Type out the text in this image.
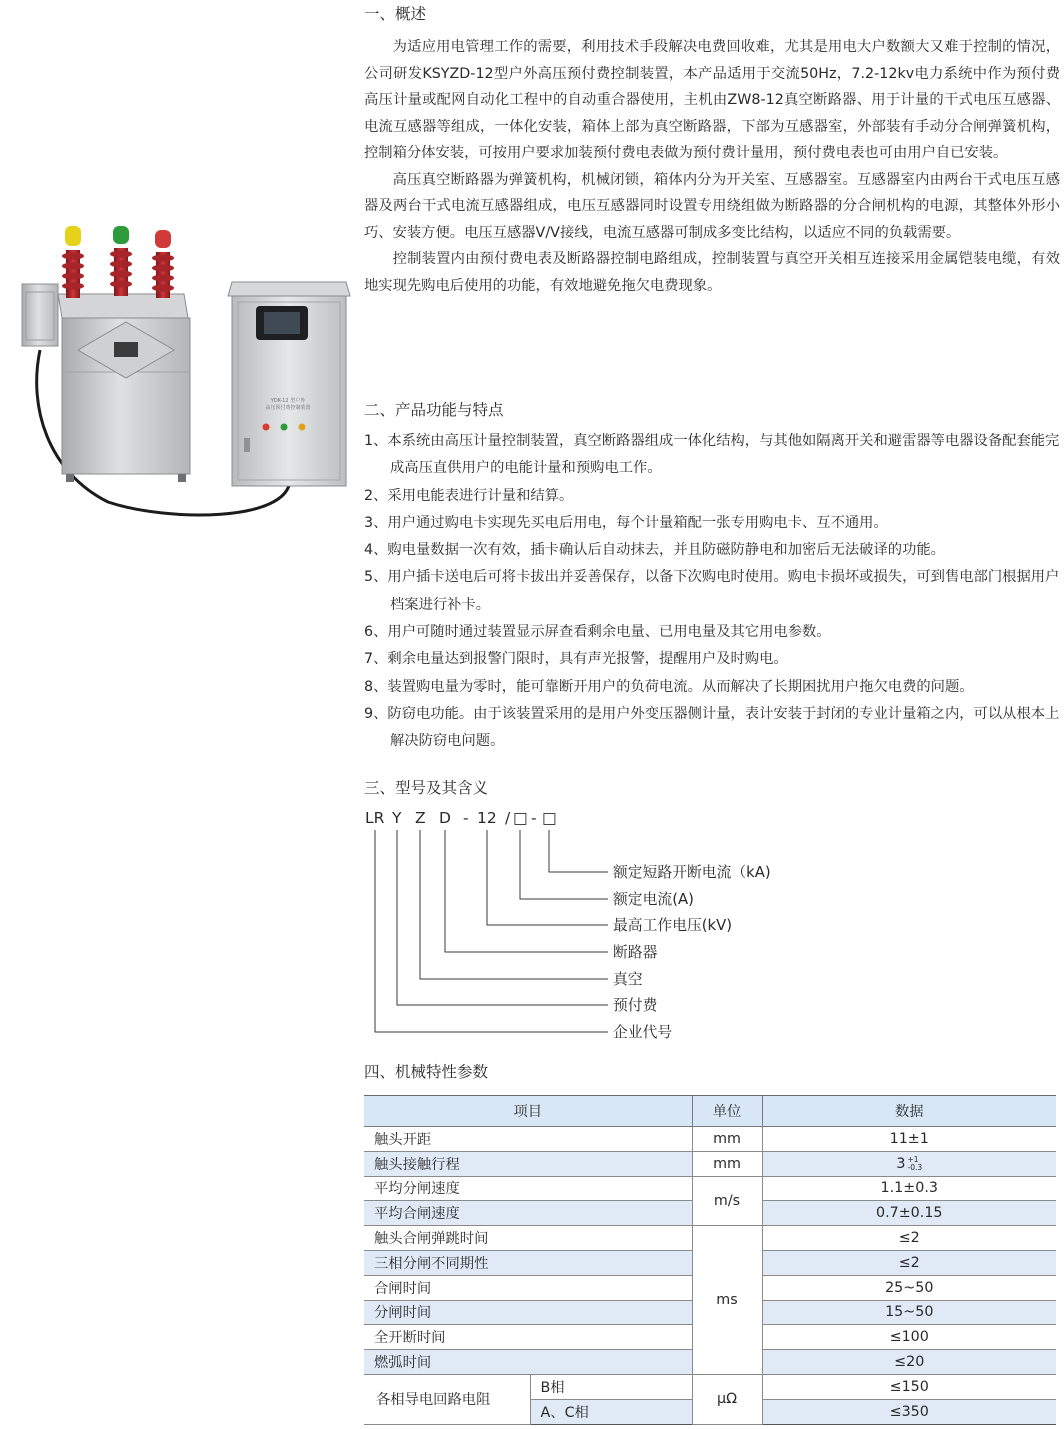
YDK-12 型户外
高压预付费控制装置
一、概述

为适应用电管理工作的需要，利用技术手段解决电费回收难，尤其是用电大户数额大又难于控制的情况，公司研发KSYZD-12型户外高压预付费控制装置，本产品适用于交流50Hz，7.2-12kv电力系统中作为预付费高压计量或配网自动化工程中的自动重合器使用，主机由ZW8-12真空断路器、用于计量的干式电压互感器、电流互感器等组成，一体化安装，箱体上部为真空断路器，下部为互感器室，外部装有手动分合闸弹簧机构，控制箱分体安装，可按用户要求加装预付费电表做为预付费计量用，预付费电表也可由用户自已安装。

高压真空断路器为弹簧机构，机械闭锁，箱体内分为开关室、互感器室。互感器室内由两台干式电压互感器及两台干式电流互感器组成，电压互感器同时设置专用绕组做为断路器的分合闸机构的电源，其整体外形小巧、安装方便。电压互感器V/V接线，电流互感器可制成多变比结构，以适应不同的负载需要。

控制装置内由预付费电表及断路器控制电路组成，控制装置与真空开关相互连接采用金属铠装电缆，有效地实现先购电后使用的功能，有效地避免拖欠电费现象。

二、产品功能与特点
1、本系统由高压计量控制装置，真空断路器组成一体化结构，与其他如隔离开关和避雷器等电器设备配套能完成高压直供用户的电能计量和预购电工作。
2、采用电能表进行计量和结算。
3、用户通过购电卡实现先买电后用电，每个计量箱配一张专用购电卡、互不通用。
4、购电量数据一次有效，插卡确认后自动抹去，并且防磁防静电和加密后无法破译的功能。
5、用户插卡送电后可将卡拔出并妥善保存，以备下次购电时使用。购电卡损坏或损失，可到售电部门根据用户档案进行补卡。
6、用户可随时通过装置显示屏查看剩余电量、已用电量及其它用电参数。
7、剩余电量达到报警门限时，具有声光报警，提醒用户及时购电。
8、装置购电量为零时，能可靠断开用户的负荷电流。从而解决了长期困扰用户拖欠电费的问题。
9、防窃电功能。由于该装置采用的是用户外变压器侧计量，表计安装于封闭的专业计量箱之内，可以从根本上解决防窃电问题。
三、型号及其含义
LR Y Z D - 12 / □ - □
额定短路开断电流（kA)
额定电流(A)
最高工作电压(kV)
断路器
真空
预付费
企业代号
四、机械特性参数
项目		单位	数据
触头开距		mm	11±1
触头接触行程		mm	3 +1
-0.3
平均分闸速度		m/s	1.1±0.3
平均合闸速度			0.7±0.15
触头合闸弹跳时间		ms	≤2
三相分闸不同期性			≤2
合闸时间			25~50
分闸时间			15~50
全开断时间			≤100
燃弧时间			≤20
各相导电回路电阻	B相	μΩ	≤150
	A、C相		≤350
